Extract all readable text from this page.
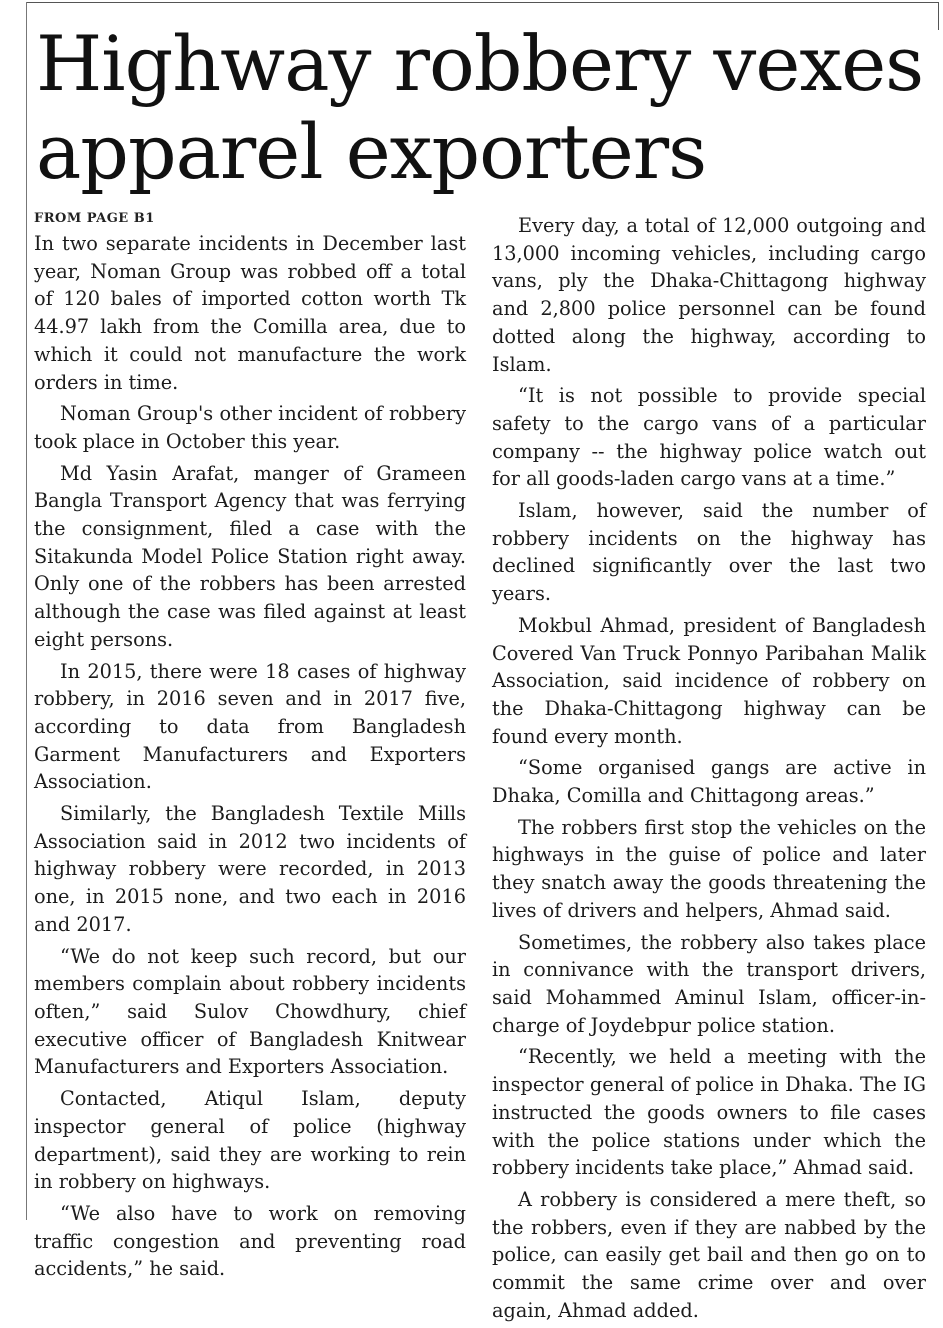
Highway robbery vexes apparel exporters
FROM PAGE B1

In two separate incidents in December last year, Noman Group was robbed off a total of 120 bales of imported cotton worth Tk 44.97 lakh from the Comilla area, due to which it could not manufacture the work orders in time.

Noman Group's other incident of robbery took place in October this year.

Md Yasin Arafat, manger of Grameen Bangla Transport Agency that was ferrying the consignment, filed a case with the Sitakunda Model Police Station right away. Only one of the robbers has been arrested although the case was filed against at least eight persons.

In 2015, there were 18 cases of highway robbery, in 2016 seven and in 2017 five, according to data from Bangladesh Garment Manufacturers and Exporters Association.

Similarly, the Bangladesh Textile Mills Association said in 2012 two incidents of highway robbery were recorded, in 2013 one, in 2015 none, and two each in 2016 and 2017.

“We do not keep such record, but our members complain about robbery incidents often,” said Sulov Chowdhury, chief executive officer of Bangladesh Knitwear Manufacturers and Exporters Association.

Contacted, Atiqul Islam, deputy inspector general of police (highway department), said they are working to rein in robbery on highways.

“We also have to work on removing traffic congestion and preventing road accidents,” he said.

Every day, a total of 12,000 outgoing and 13,000 incoming vehicles, including cargo vans, ply the Dhaka-Chittagong highway and 2,800 police personnel can be found dotted along the highway, according to Islam.

“It is not possible to provide special safety to the cargo vans of a particular company -- the highway police watch out for all goods-laden cargo vans at a time.”

Islam, however, said the number of robbery incidents on the highway has declined significantly over the last two years.

Mokbul Ahmad, president of Bangladesh Covered Van Truck Ponnyo Paribahan Malik Association, said incidence of robbery on the Dhaka-Chittagong highway can be found every month.

“Some organised gangs are active in Dhaka, Comilla and Chittagong areas.”

The robbers first stop the vehicles on the highways in the guise of police and later they snatch away the goods threatening the lives of drivers and helpers, Ahmad said.

Sometimes, the robbery also takes place in connivance with the transport drivers, said Mohammed Aminul Islam, officer-in-charge of Joydebpur police station.

“Recently, we held a meeting with the inspector general of police in Dhaka. The IG instructed the goods owners to file cases with the police stations under which the robbery incidents take place,” Ahmad said.

A robbery is considered a mere theft, so the robbers, even if they are nabbed by the police, can easily get bail and then go on to commit the same crime over and over again, Ahmad added.
